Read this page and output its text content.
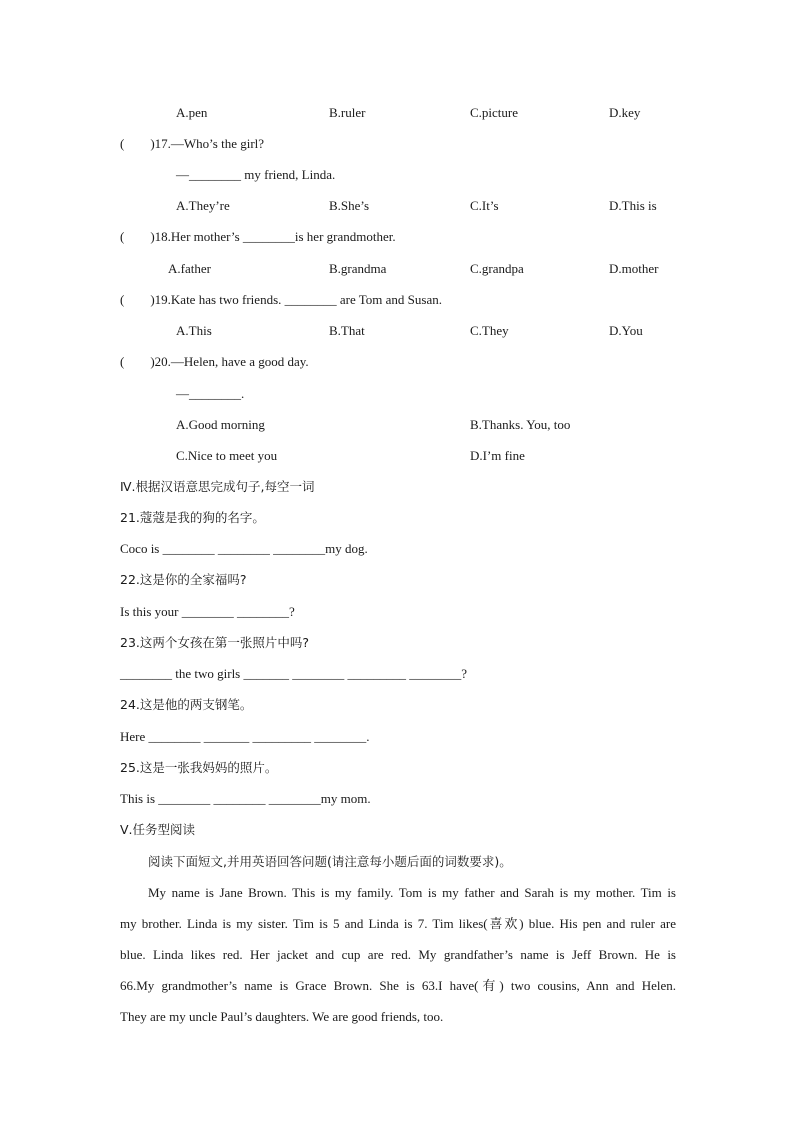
A.pen	B.ruler	C.picture	D.key
(        )17.—Who’s the girl?
—________ my friend, Linda.
A.They’re	B.She’s	C.It’s	D.This is
(        )18.Her mother’s ________is her grandmother.
A.father	B.grandma	C.grandpa	D.mother
(        )19.Kate has two friends. ________ are Tom and Susan.
A.This	B.That	C.They	D.You
(        )20.—Helen, have a good day.
—________.
A.Good morning	B.Thanks. You, too
C.Nice to meet you	D.I’m fine
Ⅳ.根据汉语意思完成句子,每空一词
21.蔻蔻是我的狗的名字。
Coco is ________ ________ ________my dog.
22.这是你的全家福吗?
Is this your ________ ________?
23.这两个女孩在第一张照片中吗?
________ the two girls _______ ________ _________ ________?
24.这是他的两支钢笔。
Here ________ _______ _________ ________.
25.这是一张我妈妈的照片。
This is ________ ________ ________my mom.
Ⅴ.任务型阅读
阅读下面短文,并用英语回答问题(请注意每小题后面的词数要求)。
My name is Jane Brown. This is my family. Tom is my father and Sarah is my mother. Tim is
my brother. Linda is my sister. Tim is 5 and Linda is 7. Tim likes(喜欢) blue. His pen and ruler are
blue. Linda likes red. Her jacket and cup are red. My grandfather’s name is Jeff Brown. He is
66.My grandmother’s name is Grace Brown. She is 63.I have(有) two cousins, Ann and Helen.
They are my uncle Paul’s daughters. We are good friends, too.
